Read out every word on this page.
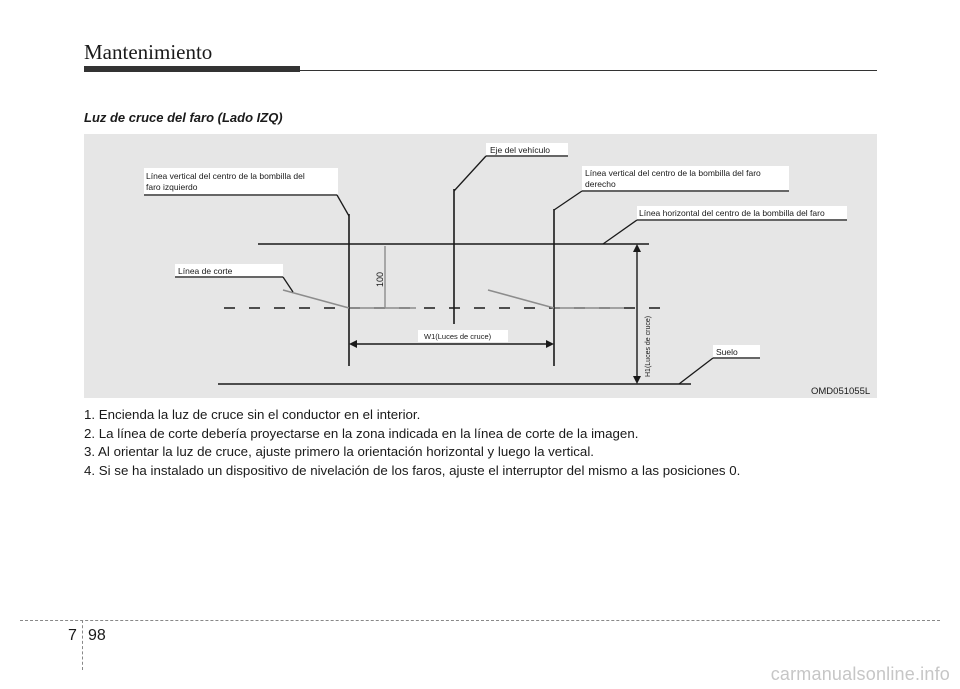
Mantenimiento
Luz de cruce del faro (Lado IZQ)
100
W1(Luces de cruce)	H1(Luces de cruce)
Línea vertical del centro de la bombilla del
faro izquierdo
Eje del vehículo
Línea vertical del centro de la bombilla del faro
derecho
Línea horizontal del centro de la bombilla del faro
Línea de corte
Suelo
OMD051055L
1. Encienda la luz de cruce sin el conductor en el interior.
2. La línea de corte debería proyectarse en la zona indicada en la línea de corte de la imagen.
3. Al orientar la luz de cruce, ajuste primero la orientación horizontal y luego la vertical.
4. Si se ha instalado un dispositivo de nivelación de los faros, ajuste el interruptor del mismo a las posiciones 0.
7 98
carmanualsonline.info
